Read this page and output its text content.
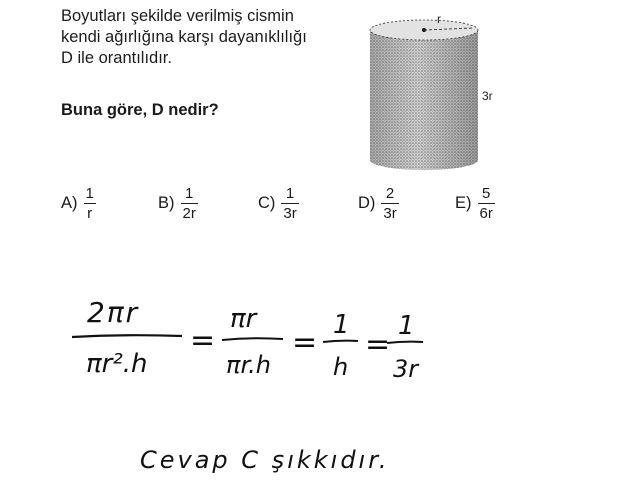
Boyutları şekilde verilmiş cismin
kendi ağırlığına karşı dayanıklılığı
D ile orantılıdır.
Buna göre, D nedir?
r
3r
$A) \frac{1}{r}$	$B) \frac{1}{2r}$	$C) \frac{1}{3r}$	$D) \frac{2}{3r}$	$E) \frac{5}{6r}$
2πr
πr².h
=
πr
πr.h
= 1
h
=
1
3r
Cevap C şıkkıdır.
